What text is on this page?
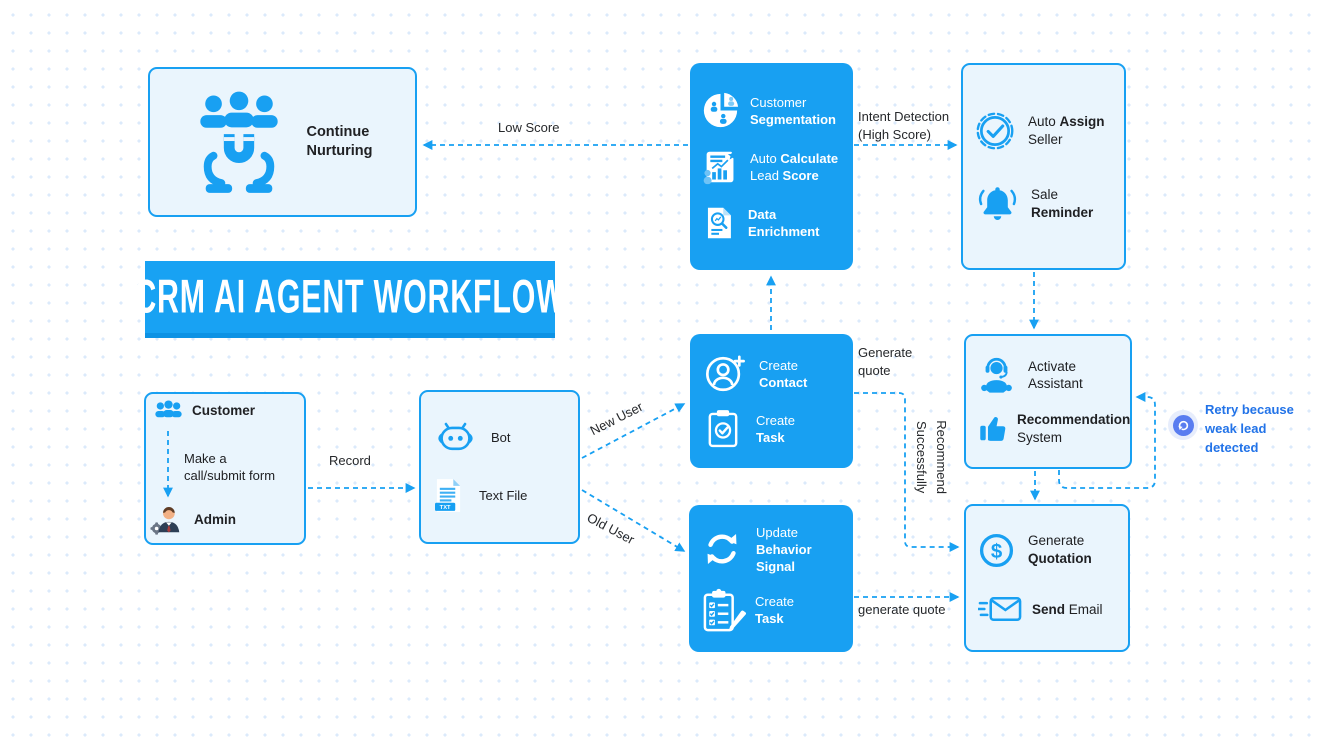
CRM AI AGENT WORKFLOW
Continue
Nurturing
Customer
Segmentation
Auto Calculate
Lead Score
Data
Enrichment
Auto Assign
Seller
Sale Reminder
Customer
Make a
call/submit form
Admin
Bot
TXT
Text File
Create
Contact
Create
Task
Update
Behavior
Signal
Create
Task
Activate
Assistant
Recommendation
System
$ Generate
Quotation
Send Email
Retry because
weak lead
detected
Low Score
Intent Detection
(High Score)
Record
New User
Old User
Generate
quote
Recommend
Successfully
generate quote
